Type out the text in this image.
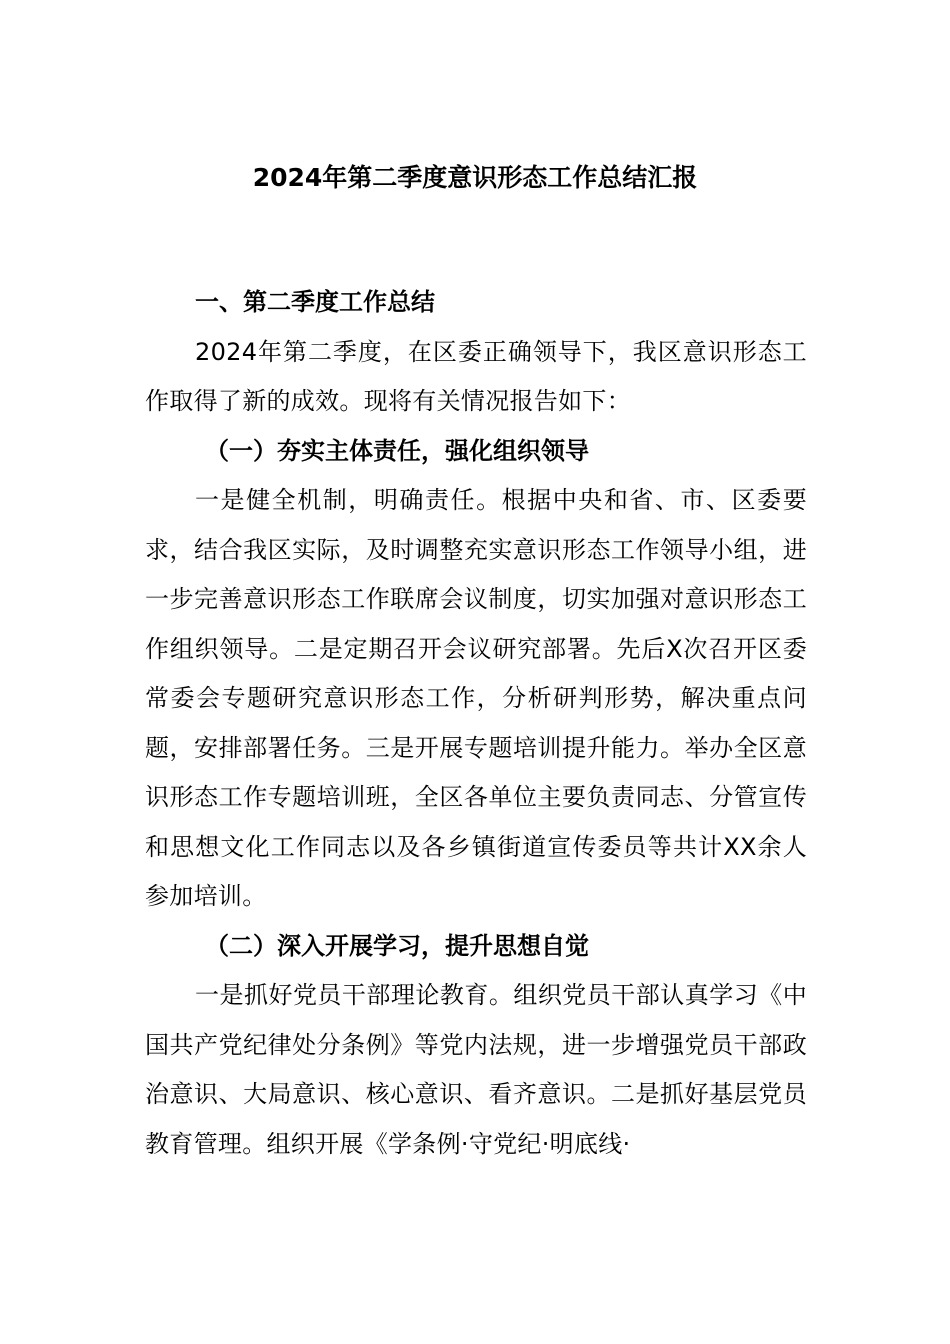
2024年第二季度意识形态工作总结汇报

一、第二季度工作总结

2024年第二季度，在区委正确领导下，我区意识形态工作取得了新的成效。现将有关情况报告如下：

（一）夯实主体责任，强化组织领导

一是健全机制，明确责任。根据中央和省、市、区委要求，结合我区实际，及时调整充实意识形态工作领导小组，进一步完善意识形态工作联席会议制度，切实加强对意识形态工作组织领导。二是定期召开会议研究部署。先后X次召开区委常委会专题研究意识形态工作，分析研判形势，解决重点问题，安排部署任务。三是开展专题培训提升能力。举办全区意识形态工作专题培训班，全区各单位主要负责同志、分管宣传和思想文化工作同志以及各乡镇街道宣传委员等共计XX余人参加培训。

（二）深入开展学习，提升思想自觉

一是抓好党员干部理论教育。组织党员干部认真学习《中国共产党纪律处分条例》等党内法规，进一步增强党员干部政治意识、大局意识、核心意识、看齐意识。二是抓好基层党员教育管理。组织开展《学条例·守党纪·明底线·
